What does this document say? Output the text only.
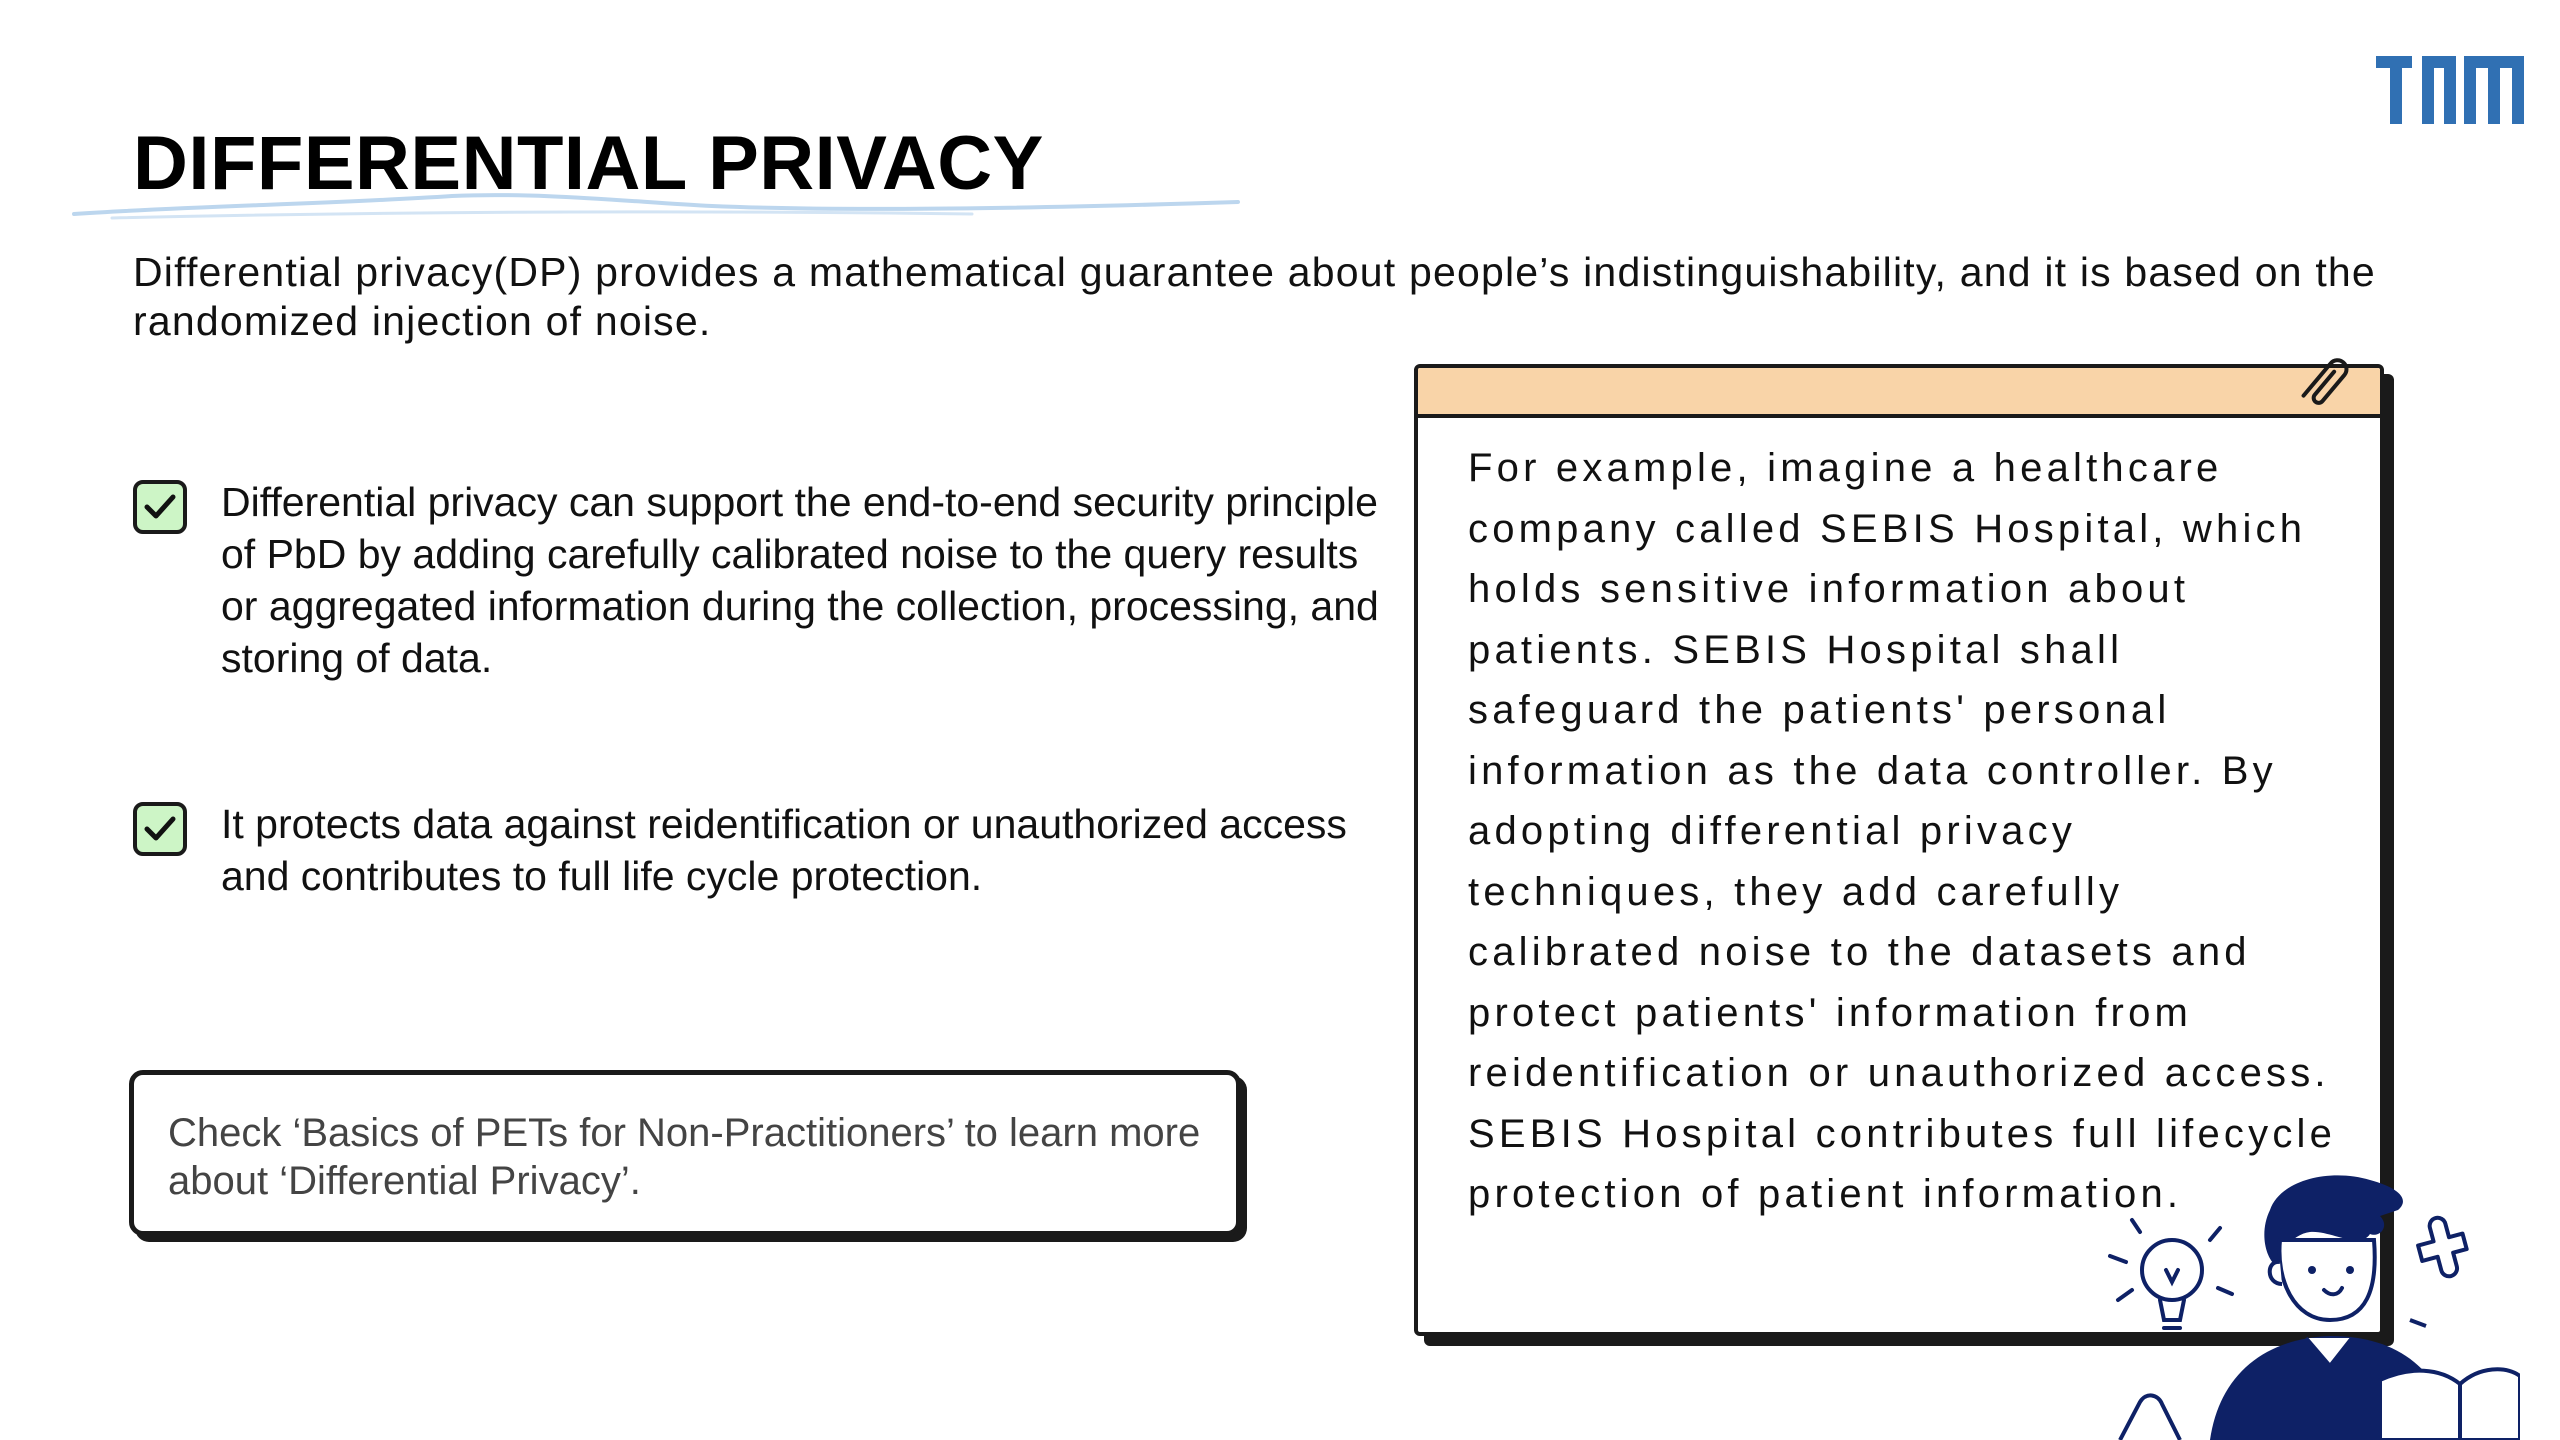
DIFFERENTIAL PRIVACY

Differential privacy(DP) provides a mathematical guarantee about people’s indistinguishability, and it is based on the randomized injection of noise.

Differential privacy can support the end-to-end security principle of PbD by adding carefully calibrated noise to the query results or aggregated information during the collection, processing, and storing of data.

It protects data against reidentification or unauthorized access and contributes to full life cycle protection.

Check ‘Basics of PETs for Non-Practitioners’ to learn more about ‘Differential Privacy’.

For example, imagine a healthcare company called SEBIS Hospital, which holds sensitive information about patients. SEBIS Hospital shall safeguard the patients' personal information as the data controller. By adopting differential privacy techniques, they add carefully calibrated noise to the datasets and protect patients' information from reidentification or unauthorized access. SEBIS Hospital contributes full lifecycle protection of patient information.
